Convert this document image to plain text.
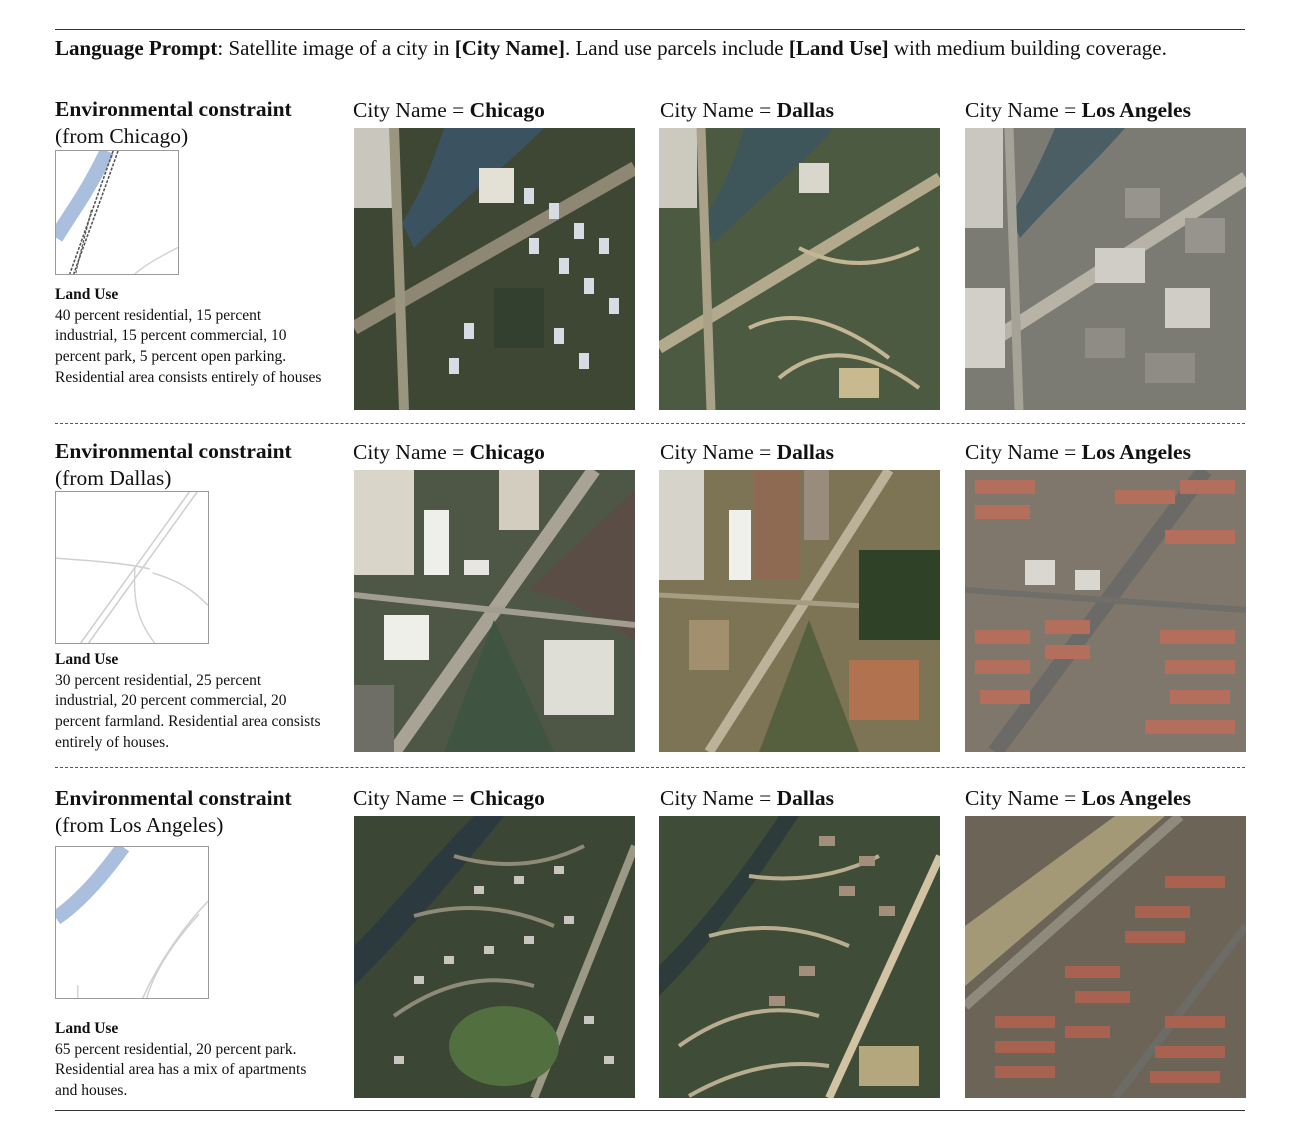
Language Prompt: Satellite image of a city in [City Name]. Land use parcels include [Land Use] with medium building coverage.
Environmental constraint
(from Chicago)
Land Use
40 percent residential, 15 percent industrial, 15 percent commercial, 10 percent park, 5 percent open parking. Residential area consists entirely of houses
City Name = Chicago	City Name = Dallas	City Name = Los Angeles
Environmental constraint
(from Dallas)
Land Use
30 percent residential, 25 percent industrial, 20 percent commercial, 20 percent farmland. Residential area consists entirely of houses.
City Name = Chicago	City Name = Dallas	City Name = Los Angeles
Environmental constraint
(from Los Angeles)
Land Use
65 percent residential, 20 percent park. Residential area has a mix of apartments and houses.
City Name = Chicago	City Name = Dallas	City Name = Los Angeles
